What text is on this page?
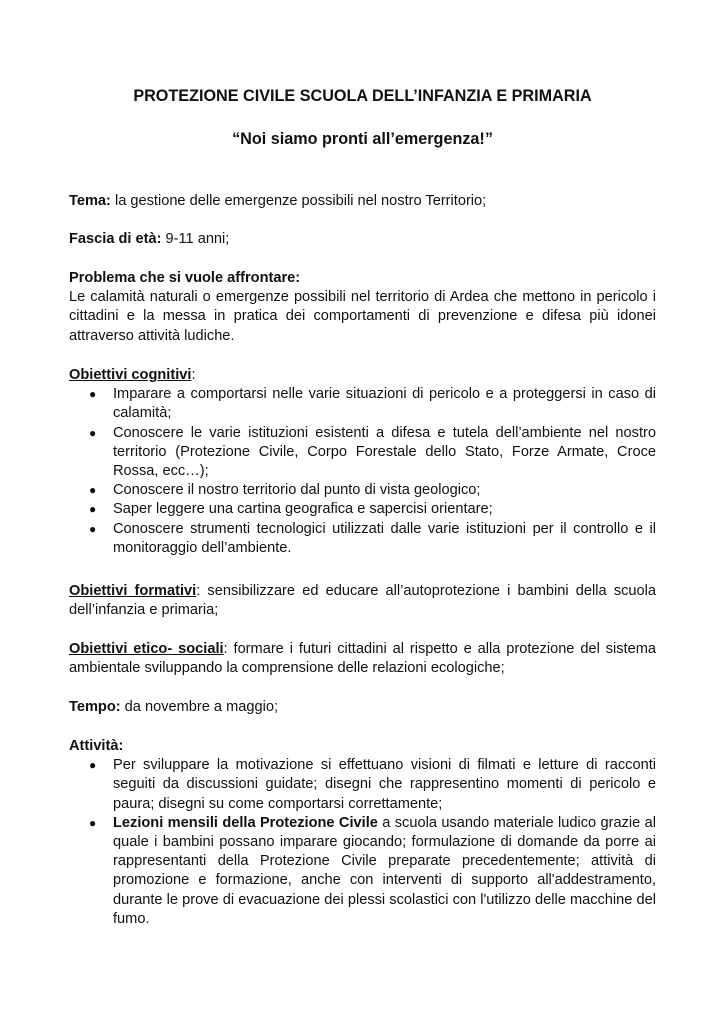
PROTEZIONE CIVILE SCUOLA DELL’INFANZIA E PRIMARIA
“Noi siamo pronti all’emergenza!”
Tema: la gestione delle emergenze possibili nel nostro Territorio;
Fascia di età: 9-11 anni;
Problema che si vuole affrontare:
Le calamità naturali o emergenze possibili nel territorio di Ardea che mettono in pericolo i cittadini e la messa in pratica dei comportamenti di prevenzione e difesa più idonei attraverso attività ludiche.
Obiettivi cognitivi:
● Imparare a comportarsi nelle varie situazioni di pericolo e a proteggersi in caso di calamità;
● Conoscere le varie istituzioni esistenti a difesa e tutela dell’ambiente nel nostro territorio (Protezione Civile, Corpo Forestale dello Stato, Forze Armate, Croce Rossa, ecc…);
● Conoscere il nostro territorio dal punto di vista geologico;
● Saper leggere una cartina geografica e sapercisi orientare;
● Conoscere strumenti tecnologici utilizzati dalle varie istituzioni per il controllo e il monitoraggio dell’ambiente.
Obiettivi formativi: sensibilizzare ed educare all’autoprotezione i bambini della scuola dell’infanzia e primaria;
Obiettivi etico- sociali: formare i futuri cittadini al rispetto e alla protezione del sistema ambientale sviluppando la comprensione delle relazioni ecologiche;
Tempo: da novembre a maggio;
Attività:
● Per sviluppare la motivazione si effettuano visioni di filmati e letture di racconti seguiti da discussioni guidate; disegni che rappresentino momenti di pericolo e paura; disegni su come comportarsi correttamente;
● Lezioni mensili della Protezione Civile a scuola usando materiale ludico grazie al quale i bambini possano imparare giocando; formulazione di domande da porre ai rappresentanti della Protezione Civile preparate precedentemente; attività di promozione e formazione, anche con interventi di supporto all'addestramento, durante le prove di evacuazione dei plessi scolastici con l'utilizzo delle macchine del fumo.
